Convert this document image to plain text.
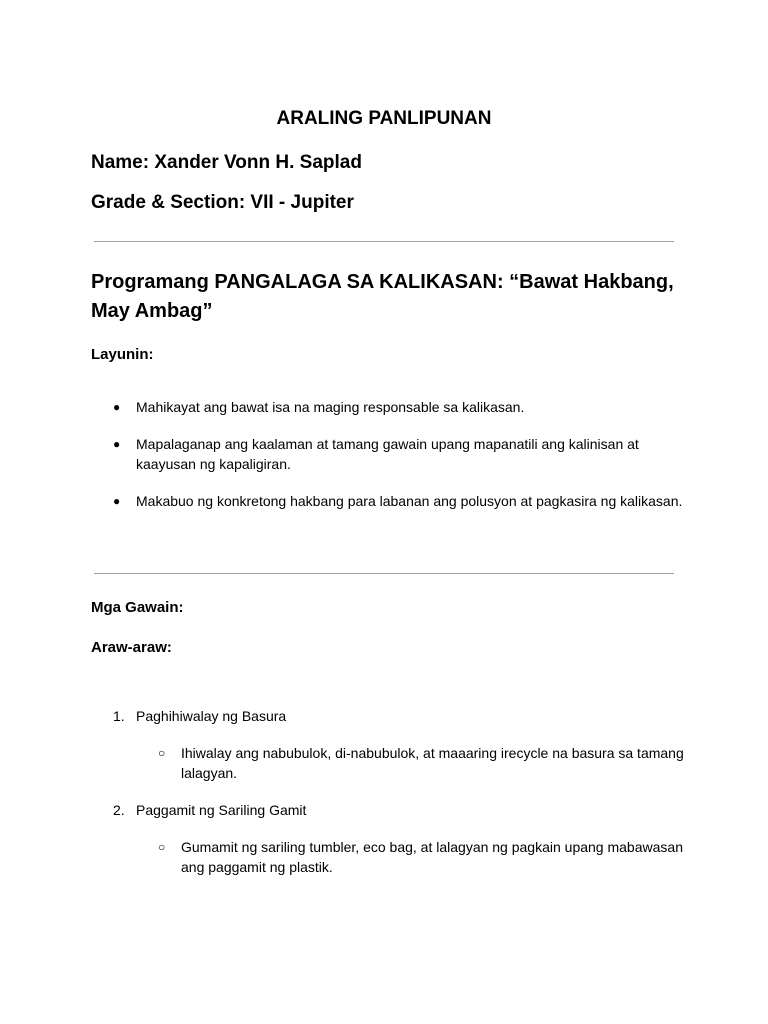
ARALING PANLIPUNAN

Name: Xander Vonn H. Saplad

Grade & Section: VII - Jupiter

Programang PANGALAGA SA KALIKASAN: “Bawat Hakbang, May Ambag”

Layunin:

● Mahikayat ang bawat isa na maging responsable sa kalikasan.
● Mapalaganap ang kaalaman at tamang gawain upang mapanatili ang kalinisan at kaayusan ng kapaligiran.
● Makabuo ng konkretong hakbang para labanan ang polusyon at pagkasira ng kalikasan.

Mga Gawain:

Araw-araw:

1. Paghihiwalay ng Basura
○ Ihiwalay ang nabubulok, di-nabubulok, at maaaring irecycle na basura sa tamang lalagyan.
2. Paggamit ng Sariling Gamit
○ Gumamit ng sariling tumbler, eco bag, at lalagyan ng pagkain upang mabawasan ang paggamit ng plastik.
